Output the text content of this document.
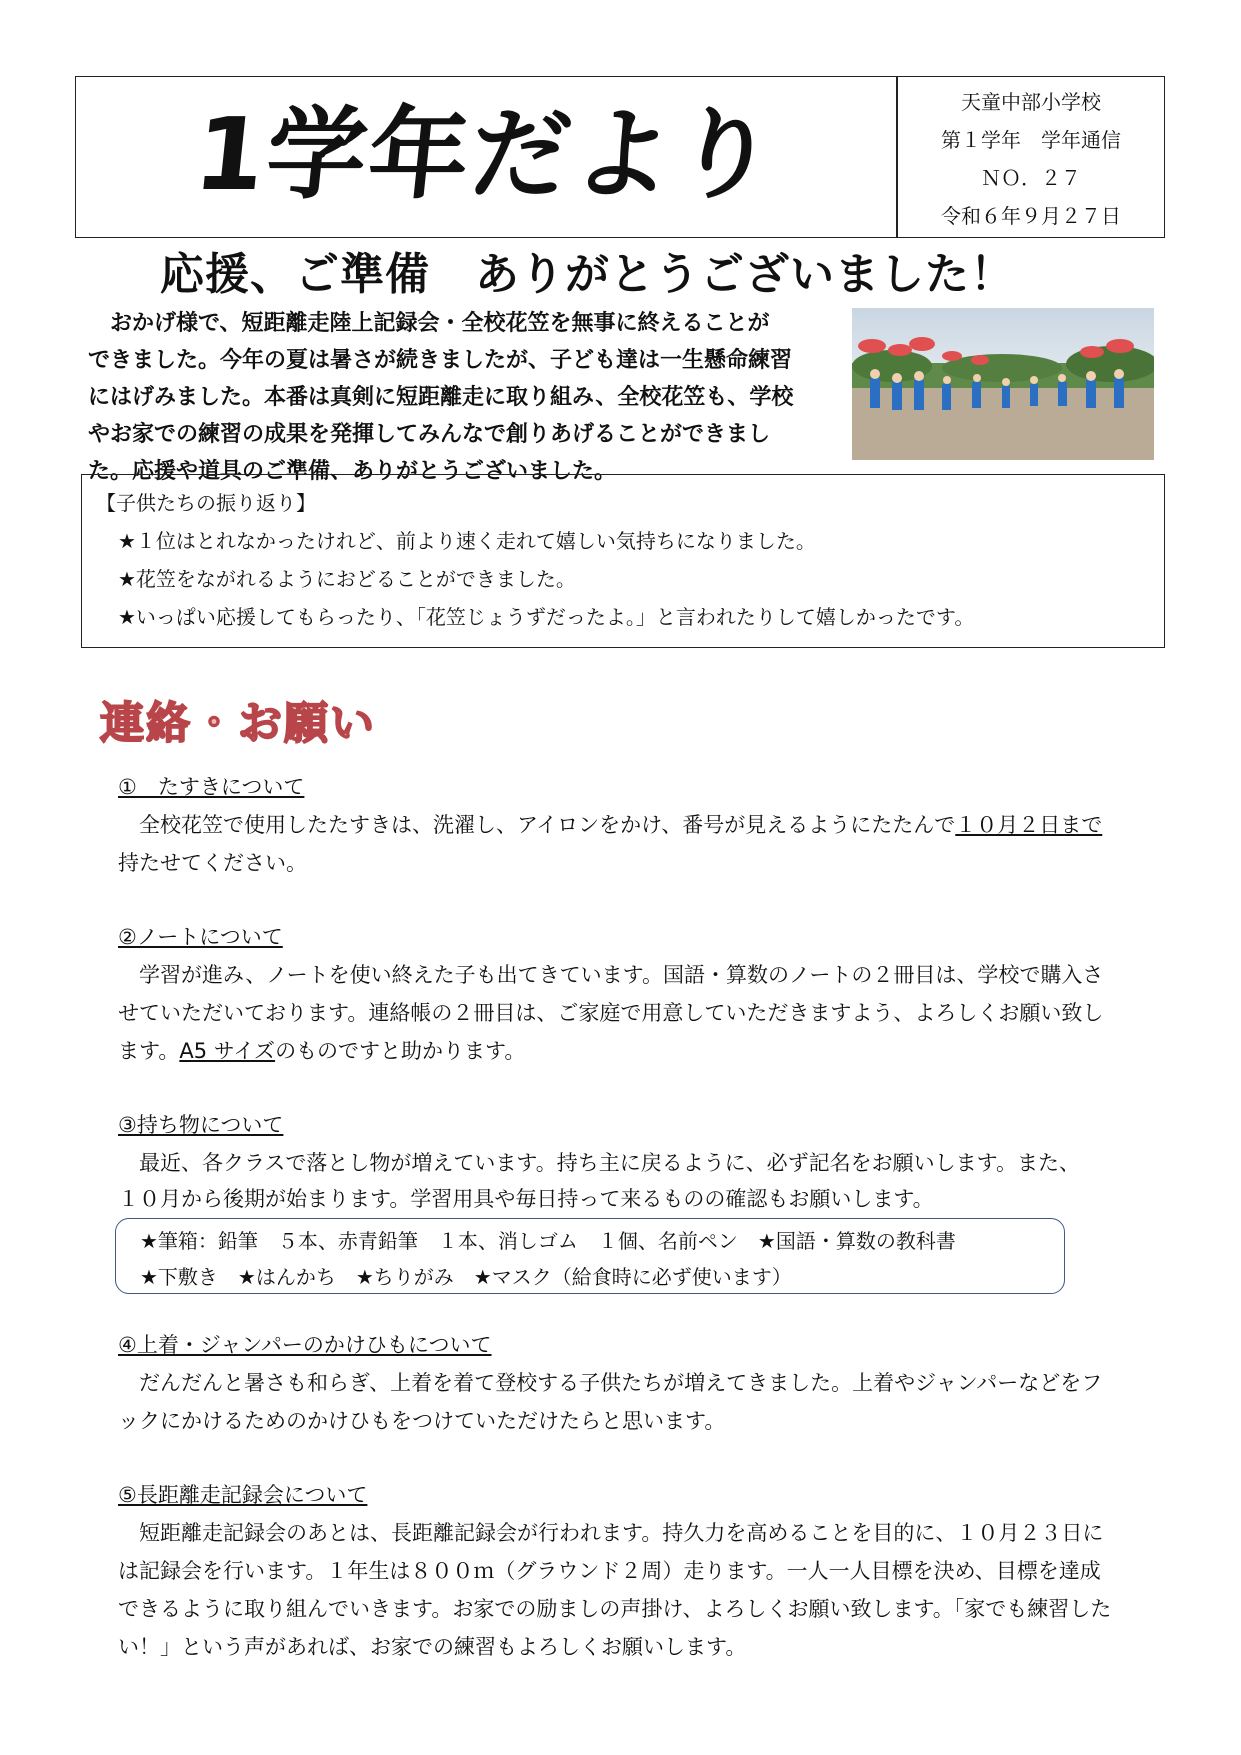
1学年だより	天童中部小学校
第１学年　学年通信
ＮＯ．２７
令和６年９月２７日
応援、ご準備　ありがとうございました！

　おかげ様で、短距離走陸上記録会・全校花笠を無事に終えることが

できました。今年の夏は暑さが続きましたが、子ども達は一生懸命練習

にはげみました。本番は真剣に短距離走に取り組み、全校花笠も、学校

やお家での練習の成果を発揮してみんなで創りあげることができまし

た。応援や道具のご準備、ありがとうございました。

【子供たちの振り返り】
★１位はとれなかったけれど、前より速く走れて嬉しい気持ちになりました。
★花笠をながれるようにおどることができました。
★いっぱい応援してもらったり、「花笠じょうずだったよ。」と言われたりして嬉しかったです。
連絡・お願い
①　たすきについて
　全校花笠で使用したたすきは、洗濯し、アイロンをかけ、番号が見えるようにたたんで１０月２日まで
持たせてください。
②ノートについて
　学習が進み、ノートを使い終えた子も出てきています。国語・算数のノートの２冊目は、学校で購入さ
せていただいております。連絡帳の２冊目は、ご家庭で用意していただきますよう、よろしくお願い致し
ます。A5 サイズのものですと助かります。
③持ち物について
　最近、各クラスで落とし物が増えています。持ち主に戻るように、必ず記名をお願いします。また、
１０月から後期が始まります。学習用具や毎日持って来るものの確認もお願いします。
★筆箱：鉛筆　５本、赤青鉛筆　１本、消しゴム　１個、名前ペン　★国語・算数の教科書
★下敷き　★はんかち　★ちりがみ　★マスク（給食時に必ず使います）
④上着・ジャンパーのかけひもについて
　だんだんと暑さも和らぎ、上着を着て登校する子供たちが増えてきました。上着やジャンパーなどをフ
ックにかけるためのかけひもをつけていただけたらと思います。
⑤長距離走記録会について
　短距離走記録会のあとは、長距離記録会が行われます。持久力を高めることを目的に、１０月２３日に
は記録会を行います。１年生は８００ｍ（グラウンド２周）走ります。一人一人目標を決め、目標を達成
できるように取り組んでいきます。お家での励ましの声掛け、よろしくお願い致します。「家でも練習した
い！」という声があれば、お家での練習もよろしくお願いします。
